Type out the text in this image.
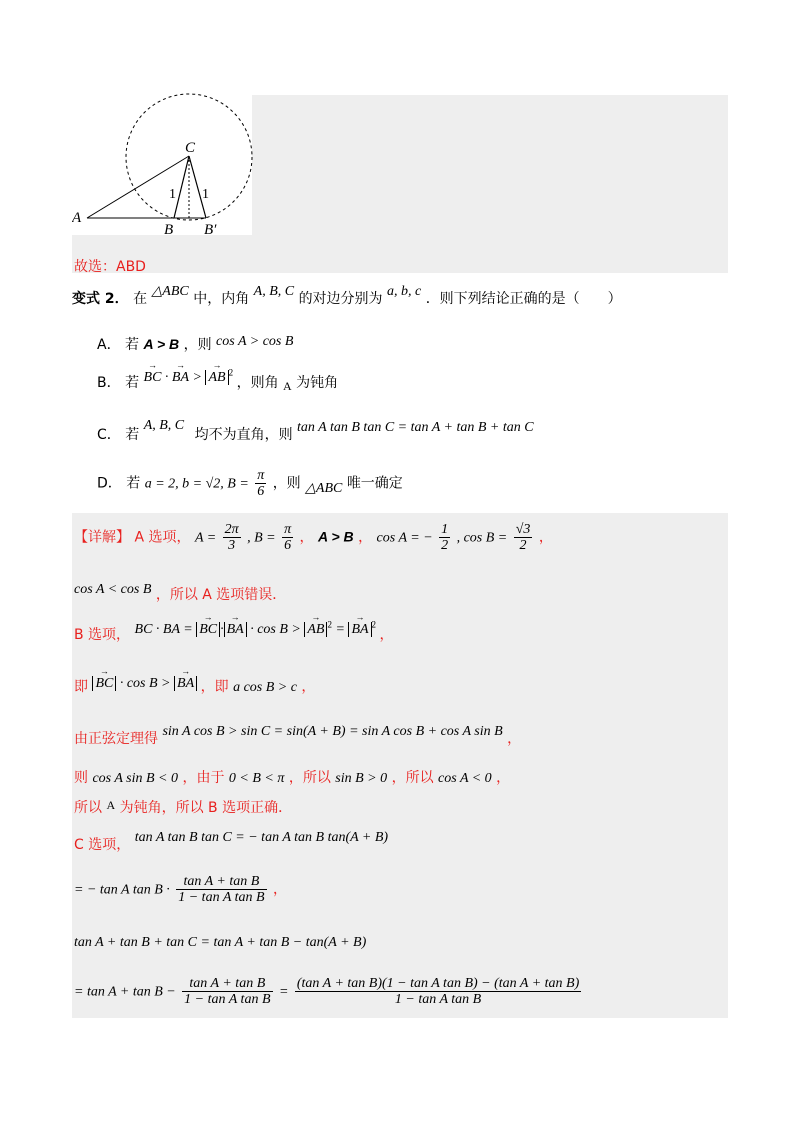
C
A
B B′
1 1
故选：ABD
变式 2． 在 △ABC 中，内角 A, B, C 的对边分别为 a, b, c ．则下列结论正确的是（　　）
A． 若 A > B ，则 cos A > cos B
B． 若 → BC · → BA > → AB $^2$ ，则角 A 为钝角
C． 若 A, B, C 均不为直角，则 tan A tan B tan C = tan A + tan B + tan C
D． 若 a = 2, b = √2, $B = \frac{\pi}{6}$ ，则 △ABC 唯一确定
【详解】 A 选项， $A = \frac{2\pi}{3}$ , $B = \frac{\pi}{6}$ ， A > B ， cos A = − $\frac{1}{2}$ , $\cos B = \frac{√3}{2}$ ，
cos A < cos B ，所以 A 选项错误．
B 选项， BC · BA = → BC · → BA · cos B > → AB $^2$ = → BA $^2$ ，
即 → BC · cos B > → BA ，即 a cos B > c ，
由正弦定理得 sin A cos B > sin C = sin(A + B) = sin A cos B + cos A sin B ，
则 cos A sin B < 0 ，由于 0 < B < π ，所以 sin B > 0 ，所以 cos A < 0 ，
所以 A 为钝角，所以 B 选项正确．
C 选项， tan A tan B tan C = − tan A tan B tan(A + B)
= − tan A $\tan B \cdot \frac{\text{tan A + tan B}}{\text{1 − tan A tan B}}$ ，
tan A + tan B + tan C = tan A + tan B − tan(A + B)
= $\tan A + \tan B - \frac{\text{tan A + tan B}}{\text{1 − tan A tan B}} = \frac{\text{(tan A + tan B)(1 − tan A tan B) − (tan A + tan B)}}{\text{1 − tan A tan B}}$
